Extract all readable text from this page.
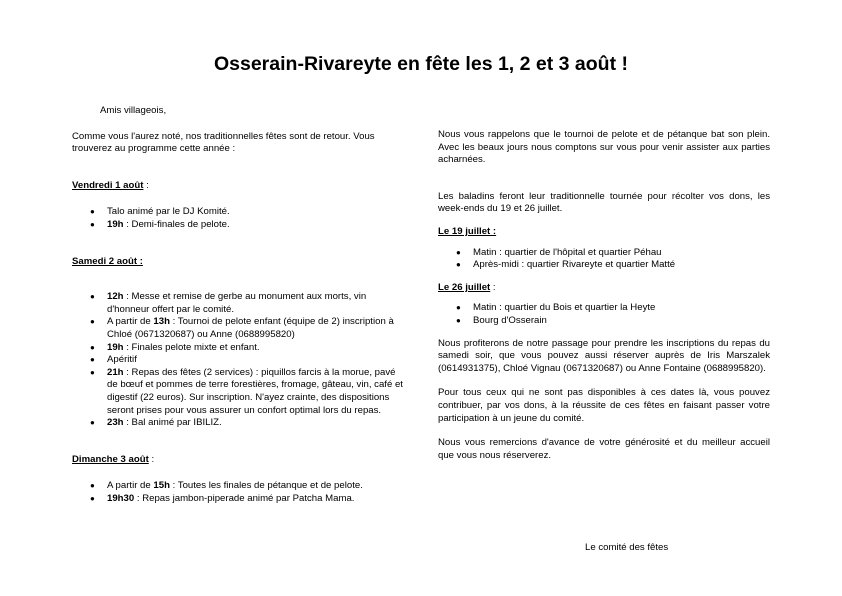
Osserain-Rivareyte en fête les 1, 2 et 3 août !

Amis villageois,

Comme vous l'aurez noté, nos traditionnelles fêtes sont de retour. Vous trouverez au programme cette année :

Vendredi 1 août :

● Talo animé par le DJ Komité.
● 19h : Demi-finales de pelote.

Samedi 2 août :

● 12h : Messe et remise de gerbe au monument aux morts, vin d'honneur offert par le comité.
● A partir de 13h : Tournoi de pelote enfant (équipe de 2) inscription à Chloé (0671320687) ou Anne (0688995820)
● 19h : Finales pelote mixte et enfant.
● Apéritif
● 21h : Repas des fêtes (2 services) : piquillos farcis à la morue, pavé de bœuf et pommes de terre forestières, fromage, gâteau, vin, café et digestif (22 euros). Sur inscription. N'ayez crainte, des dispositions seront prises pour vous assurer un confort optimal lors du repas.
● 23h : Bal animé par IBILIZ.

Dimanche 3 août :

● A partir de 15h : Toutes les finales de pétanque et de pelote.
● 19h30 : Repas jambon-piperade animé par Patcha Mama.

Nous vous rappelons que le tournoi de pelote et de pétanque bat son plein. Avec les beaux jours nous comptons sur vous pour venir assister aux parties acharnées.

Les baladins feront leur traditionnelle tournée pour récolter vos dons, les week-ends du 19 et 26 juillet.

Le 19 juillet :

● Matin : quartier de l'hôpital et quartier Péhau
● Après-midi : quartier Rivareyte et quartier Matté

Le 26 juillet :

● Matin : quartier du Bois et quartier la Heyte
● Bourg d'Osserain

Nous profiterons de notre passage pour prendre les inscriptions du repas du samedi soir, que vous pouvez aussi réserver auprès de Iris Marszalek (0614931375), Chloé Vignau (0671320687) ou Anne Fontaine (0688995820).

Pour tous ceux qui ne sont pas disponibles à ces dates là, vous pouvez contribuer, par vos dons, à la réussite de ces fêtes en faisant passer votre participation à un jeune du comité.

Nous vous remercions d'avance de votre générosité et du meilleur accueil que vous nous réserverez.

Le comité des fêtes
